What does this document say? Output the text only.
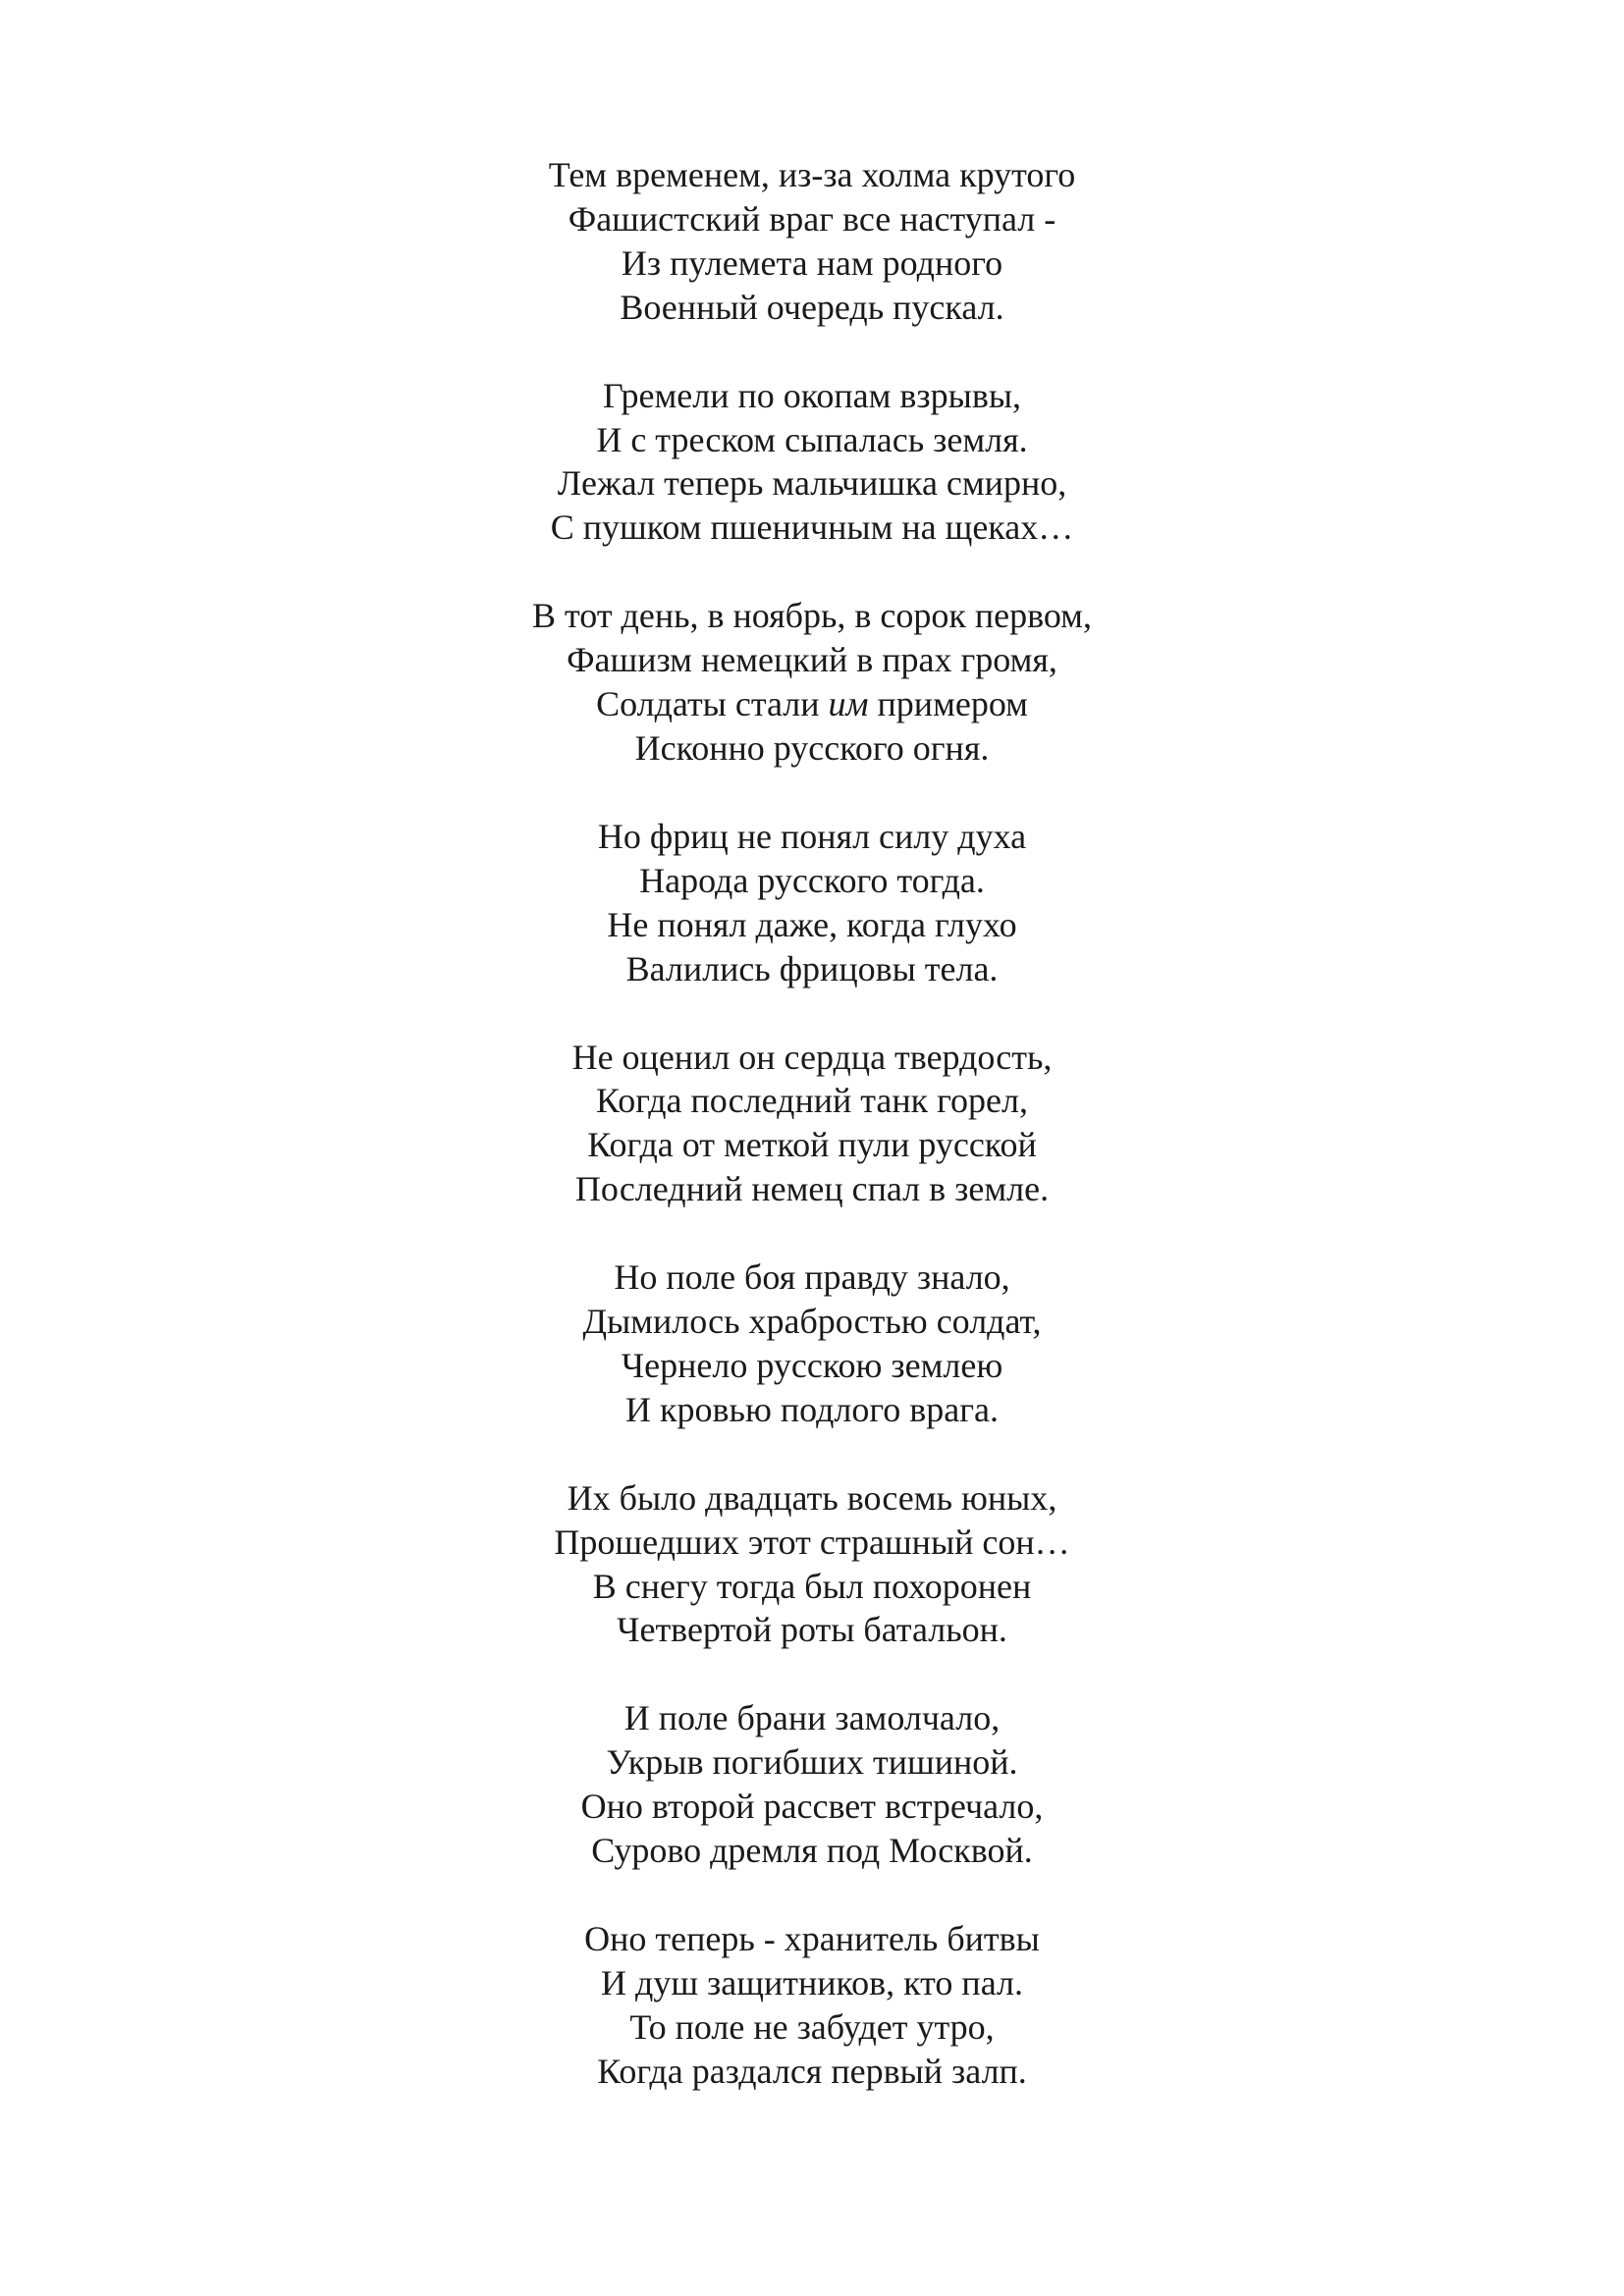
Тем временем, из-за холма крутого
Фашистский враг все наступал -
Из пулемета нам родного
Военный очередь пускал.
Гремели по окопам взрывы,
И с треском сыпалась земля.
Лежал теперь мальчишка смирно,
С пушком пшеничным на щеках…
В тот день, в ноябрь, в сорок первом,
Фашизм немецкий в прах громя,
Солдаты стали им примером
Исконно русского огня.
Но фриц не понял силу духа
Народа русского тогда.
Не понял даже, когда глухо
Валились фрицовы тела.
Не оценил он сердца твердость,
Когда последний танк горел,
Когда от меткой пули русской
Последний немец спал в земле.
Но поле боя правду знало,
Дымилось храбростью солдат,
Чернело русскою землею
И кровью подлого врага.
Их было двадцать восемь юных,
Прошедших этот страшный сон…
В снегу тогда был похоронен
Четвертой роты батальон.
И поле брани замолчало,
Укрыв погибших тишиной.
Оно второй рассвет встречало,
Сурово дремля под Москвой.
Оно теперь - хранитель битвы
И душ защитников, кто пал.
То поле не забудет утро,
Когда раздался первый залп.
